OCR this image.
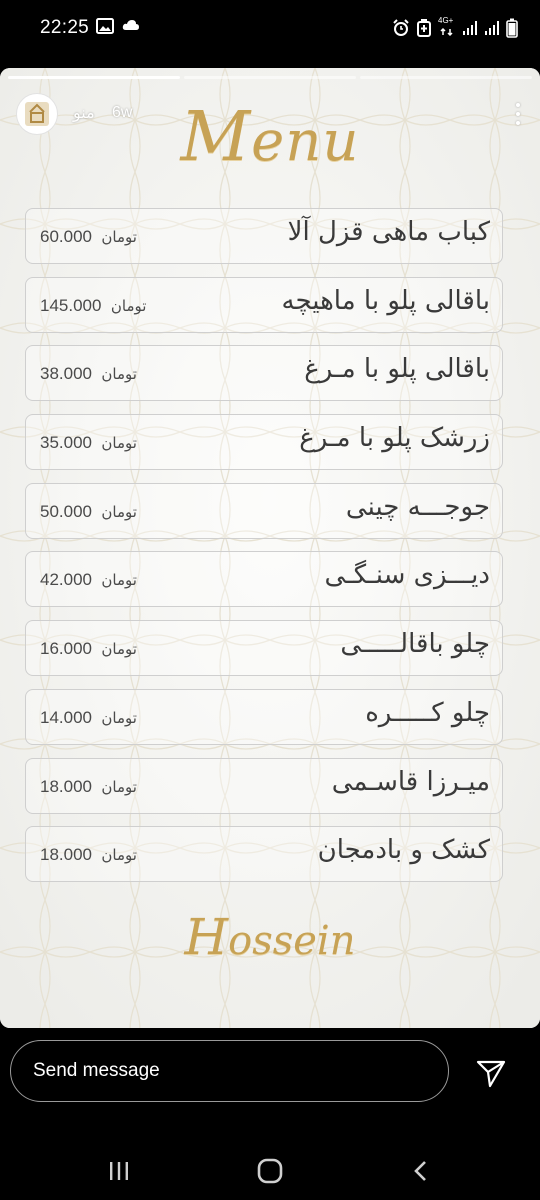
22:25	4G+
منو 6w Menu
کباب ماهی قزل آلا
تومان 60.000
باقالی پلو با ماهیچه
تومان 145.000
باقالی پلو با مـرغ
تومان 38.000
زرشک پلو با مـرغ
تومان 35.000
جوجـــه چینی
تومان 50.000
دیـــزی سنـگـی
تومان 42.000
چلو باقالـــــی
تومان 16.000
چلو کـــــره
تومان 14.000
میـرزا قاسـمی
تومان 18.000
کشک و بادمجان
تومان 18.000
Hossein
Send message
